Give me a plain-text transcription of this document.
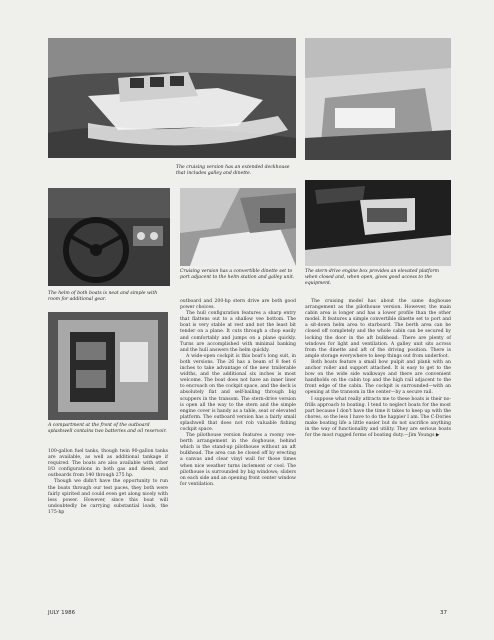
The cruising version has an extended deckhouse that includes galley and dinette.

The helm of both boats is neat and simple with room for additional gear.

Cruising version has a convertible dinette set to port adjacent to the helm station and galley unit.

The stern-drive engine box provides an elevated platform when closed and, when open, gives good access to the equipment.

A compartment at the front of the outboard splashwell contains two batteries and oil reservoir.

100-gallon fuel tanks, though twin 90-gallon tanks are available, as well as additional tankage if required. The boats are also available with other I/O configurations in both gas and diesel, and outboards from 140 through 275 hp.

Though we didn't have the opportunity to run the boats through our test paces, they both were fairly spirited and could even get along nicely with less power. However, since this boat will undoubtedly be carrying substantial loads, the 175-hp

outboard and 200-hp stern drive are both good power choices.

The hull configuration features a sharp entry that flattens out to a shallow vee bottom. The boat is very stable at rest and not the least bit tender on a plane. It cuts through a chop easily and comfortably and jumps on a plane quickly. Turns are accomplished with minimal banking and the hull answers the helm quickly.

A wide-open cockpit is this boat's long suit, in both versions. The 26 has a beam of 8 feet 6 inches to take advantage of the new trailerable widths, and the additional six inches is most welcome. The boat does not have an inner liner to encroach on the cockpit space, and the deck is absolutely flat and self-bailing through big scuppers in the transom. The stern-drive version is open all the way to the stern and the simple engine cover is handy as a table, seat or elevated platform. The outboard version has a fairly small splashwell that does not rob valuable fishing cockpit space.

The pilothouse version features a roomy vee-berth arrangement in the doghouse, behind which is the stand-up pilothouse without an aft bulkhead. The area can be closed off by erecting a canvas and clear vinyl wall for those times when nice weather turns inclement or cool. The pilothouse is surrounded by big windows; sliders on each side and an opening front center window for ventilation.

The cruising model has about the same doghouse arrangement as the pilothouse version. However, the main cabin area is longer and has a lower profile than the other model. It features a simple convertible dinette set to port and a sit-down helm area to starboard. The berth area can be closed off completely and the whole cabin can be secured by locking the door in the aft bulkhead. There are plenty of windows for light and ventilation. A galley unit sits across from the dinette and aft of the driving position. There is ample storage everywhere to keep things out from underfoot.

Both boats feature a small bow pulpit and plank with an anchor roller and support attached. It is easy to get to the bow on the wide side walkways and there are convenient handholds on the cabin top and the high rail adjacent to the front edge of the cabin. The cockpit is surrounded—with an opening at the transom in the center—by a secure rail.

I suppose what really attracts me to these boats is their no-frills approach to boating. I tend to neglect boats for the most part because I don't have the time it takes to keep up with the chores, so the less I have to do the happier I am. The C-Dories make boating life a little easier but do not sacrifice anything in the way of functionality and utility. They are serious boats for the most rugged forms of boating duty.—Jim Youngs ▶

JULY 1986	37
